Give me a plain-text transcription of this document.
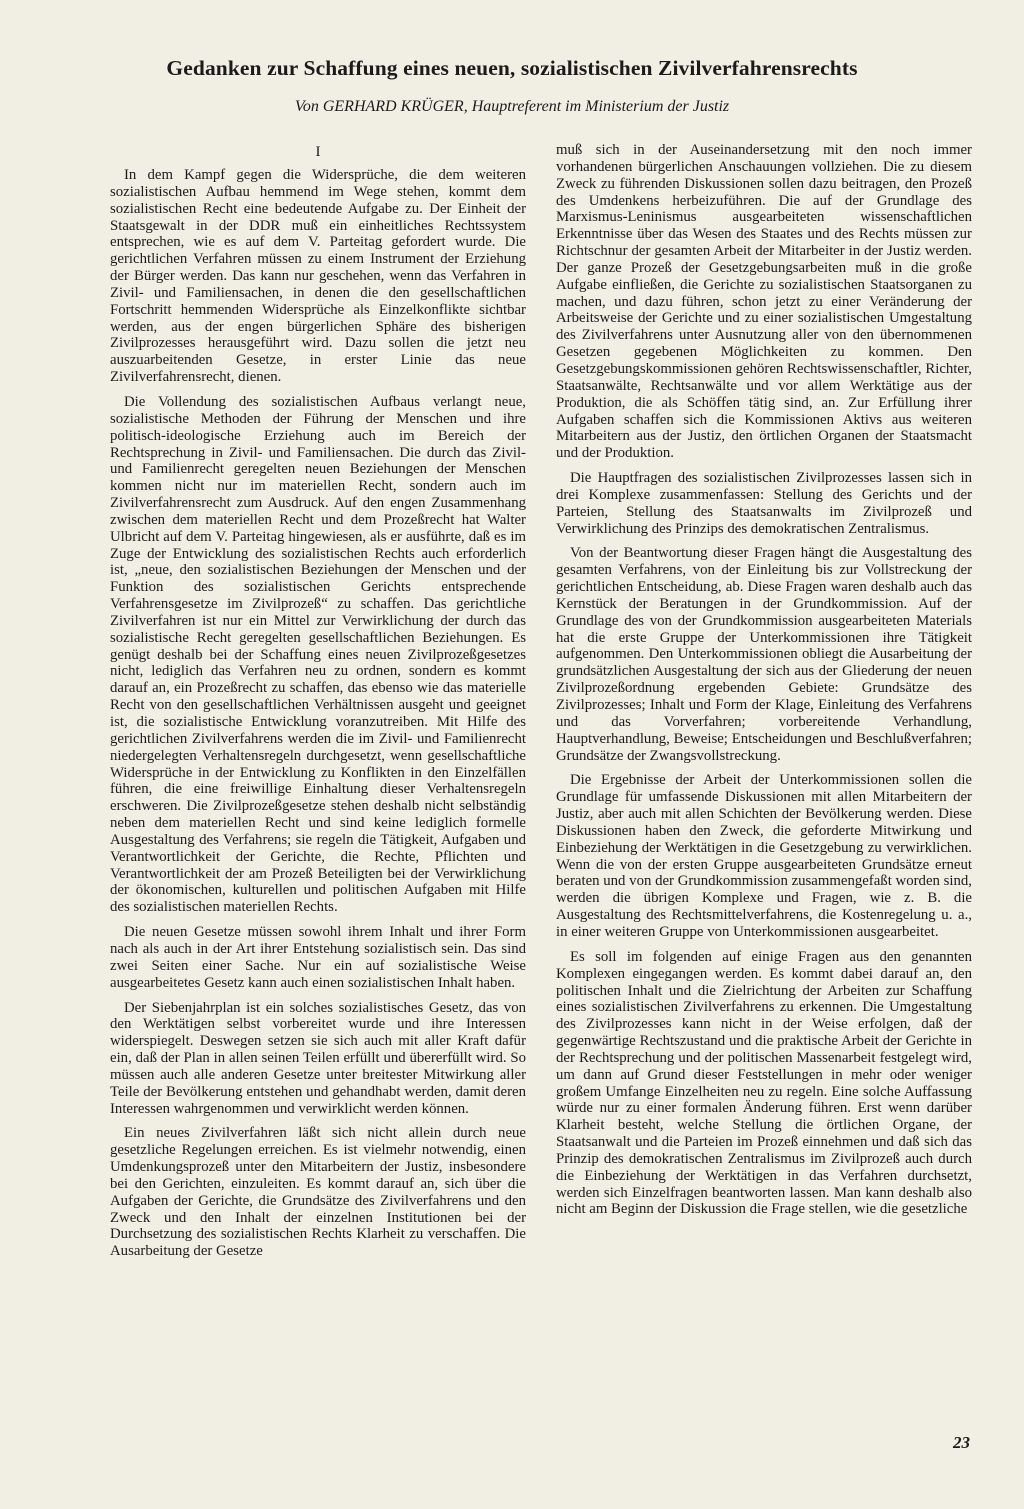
Gedanken zur Schaffung eines neuen, sozialistischen Zivilverfahrensrechts

Von GERHARD KRÜGER, Hauptreferent im Ministerium der Justiz

I

In dem Kampf gegen die Widersprüche, die dem weiteren sozialistischen Aufbau hemmend im Wege stehen, kommt dem sozialistischen Recht eine bedeutende Aufgabe zu. Der Einheit der Staatsgewalt in der DDR muß ein einheitliches Rechtssystem entsprechen, wie es auf dem V. Parteitag gefordert wurde. Die gerichtlichen Verfahren müssen zu einem Instrument der Erziehung der Bürger werden. Das kann nur geschehen, wenn das Verfahren in Zivil- und Familiensachen, in denen die den gesellschaftlichen Fortschritt hemmenden Widersprüche als Einzelkonflikte sichtbar werden, aus der engen bürgerlichen Sphäre des bisherigen Zivilprozesses herausgeführt wird. Dazu sollen die jetzt neu auszuarbeitenden Gesetze, in erster Linie das neue Zivilverfahrensrecht, dienen.

Die Vollendung des sozialistischen Aufbaus verlangt neue, sozialistische Methoden der Führung der Menschen und ihre politisch-ideologische Erziehung auch im Bereich der Rechtsprechung in Zivil- und Familiensachen. Die durch das Zivil- und Familienrecht geregelten neuen Beziehungen der Menschen kommen nicht nur im materiellen Recht, sondern auch im Zivilverfahrensrecht zum Ausdruck. Auf den engen Zusammenhang zwischen dem materiellen Recht und dem Prozeßrecht hat Walter Ulbricht auf dem V. Parteitag hingewiesen, als er ausführte, daß es im Zuge der Entwicklung des sozialistischen Rechts auch erforderlich ist, „neue, den sozialistischen Beziehungen der Menschen und der Funktion des sozialistischen Gerichts entsprechende Verfahrensgesetze im Zivilprozeß“ zu schaffen. Das gerichtliche Zivilverfahren ist nur ein Mittel zur Verwirklichung der durch das sozialistische Recht geregelten gesellschaftlichen Beziehungen. Es genügt deshalb bei der Schaffung eines neuen Zivilprozeßgesetzes nicht, lediglich das Verfahren neu zu ordnen, sondern es kommt darauf an, ein Prozeßrecht zu schaffen, das ebenso wie das materielle Recht von den gesellschaftlichen Verhältnissen ausgeht und geeignet ist, die sozialistische Entwicklung voranzutreiben. Mit Hilfe des gerichtlichen Zivilverfahrens werden die im Zivil- und Familienrecht niedergelegten Verhaltensregeln durchgesetzt, wenn gesellschaftliche Widersprüche in der Entwicklung zu Konflikten in den Einzelfällen führen, die eine freiwillige Einhaltung dieser Verhaltensregeln erschweren. Die Zivilprozeßgesetze stehen deshalb nicht selbständig neben dem materiellen Recht und sind keine lediglich formelle Ausgestaltung des Verfahrens; sie regeln die Tätigkeit, Aufgaben und Verantwortlichkeit der Gerichte, die Rechte, Pflichten und Verantwortlichkeit der am Prozeß Beteiligten bei der Verwirklichung der ökonomischen, kulturellen und politischen Aufgaben mit Hilfe des sozialistischen materiellen Rechts.

Die neuen Gesetze müssen sowohl ihrem Inhalt und ihrer Form nach als auch in der Art ihrer Entstehung sozialistisch sein. Das sind zwei Seiten einer Sache. Nur ein auf sozialistische Weise ausgearbeitetes Gesetz kann auch einen sozialistischen Inhalt haben.

Der Siebenjahrplan ist ein solches sozialistisches Gesetz, das von den Werktätigen selbst vorbereitet wurde und ihre Interessen widerspiegelt. Deswegen setzen sie sich auch mit aller Kraft dafür ein, daß der Plan in allen seinen Teilen erfüllt und übererfüllt wird. So müssen auch alle anderen Gesetze unter breitester Mitwirkung aller Teile der Bevölkerung entstehen und gehandhabt werden, damit deren Interessen wahrgenommen und verwirklicht werden können.

Ein neues Zivilverfahren läßt sich nicht allein durch neue gesetzliche Regelungen erreichen. Es ist vielmehr notwendig, einen Umdenkungsprozeß unter den Mitarbeitern der Justiz, insbesondere bei den Gerichten, einzuleiten. Es kommt darauf an, sich über die Aufgaben der Gerichte, die Grundsätze des Zivilverfahrens und den Zweck und den Inhalt der einzelnen Institutionen bei der Durchsetzung des sozialistischen Rechts Klarheit zu verschaffen. Die Ausarbeitung der Gesetze

muß sich in der Auseinandersetzung mit den noch immer vorhandenen bürgerlichen Anschauungen vollziehen. Die zu diesem Zweck zu führenden Diskussionen sollen dazu beitragen, den Prozeß des Umdenkens herbeizuführen. Die auf der Grundlage des Marxismus-Leninismus ausgearbeiteten wissenschaftlichen Erkenntnisse über das Wesen des Staates und des Rechts müssen zur Richtschnur der gesamten Arbeit der Mitarbeiter in der Justiz werden. Der ganze Prozeß der Gesetzgebungsarbeiten muß in die große Aufgabe einfließen, die Gerichte zu sozialistischen Staatsorganen zu machen, und dazu führen, schon jetzt zu einer Veränderung der Arbeitsweise der Gerichte und zu einer sozialistischen Umgestaltung des Zivilverfahrens unter Ausnutzung aller von den übernommenen Gesetzen gegebenen Möglichkeiten zu kommen. Den Gesetzgebungskommissionen gehören Rechtswissenschaftler, Richter, Staatsanwälte, Rechtsanwälte und vor allem Werktätige aus der Produktion, die als Schöffen tätig sind, an. Zur Erfüllung ihrer Aufgaben schaffen sich die Kommissionen Aktivs aus weiteren Mitarbeitern aus der Justiz, den örtlichen Organen der Staatsmacht und der Produktion.

Die Hauptfragen des sozialistischen Zivilprozesses lassen sich in drei Komplexe zusammenfassen: Stellung des Gerichts und der Parteien, Stellung des Staatsanwalts im Zivilprozeß und Verwirklichung des Prinzips des demokratischen Zentralismus.

Von der Beantwortung dieser Fragen hängt die Ausgestaltung des gesamten Verfahrens, von der Einleitung bis zur Vollstreckung der gerichtlichen Entscheidung, ab. Diese Fragen waren deshalb auch das Kernstück der Beratungen in der Grundkommission. Auf der Grundlage des von der Grundkommission ausgearbeiteten Materials hat die erste Gruppe der Unterkommissionen ihre Tätigkeit aufgenommen. Den Unterkommissionen obliegt die Ausarbeitung der grundsätzlichen Ausgestaltung der sich aus der Gliederung der neuen Zivilprozeßordnung ergebenden Gebiete: Grundsätze des Zivilprozesses; Inhalt und Form der Klage, Einleitung des Verfahrens und das Vorverfahren; vorbereitende Verhandlung, Hauptverhandlung, Beweise; Entscheidungen und Beschlußverfahren; Grundsätze der Zwangsvollstreckung.

Die Ergebnisse der Arbeit der Unterkommissionen sollen die Grundlage für umfassende Diskussionen mit allen Mitarbeitern der Justiz, aber auch mit allen Schichten der Bevölkerung werden. Diese Diskussionen haben den Zweck, die geforderte Mitwirkung und Einbeziehung der Werktätigen in die Gesetzgebung zu verwirklichen. Wenn die von der ersten Gruppe ausgearbeiteten Grundsätze erneut beraten und von der Grundkommission zusammengefaßt worden sind, werden die übrigen Komplexe und Fragen, wie z. B. die Ausgestaltung des Rechtsmittelverfahrens, die Kostenregelung u. a., in einer weiteren Gruppe von Unterkommissionen ausgearbeitet.

Es soll im folgenden auf einige Fragen aus den genannten Komplexen eingegangen werden. Es kommt dabei darauf an, den politischen Inhalt und die Zielrichtung der Arbeiten zur Schaffung eines sozialistischen Zivilverfahrens zu erkennen. Die Umgestaltung des Zivilprozesses kann nicht in der Weise erfolgen, daß der gegenwärtige Rechtszustand und die praktische Arbeit der Gerichte in der Rechtsprechung und der politischen Massenarbeit festgelegt wird, um dann auf Grund dieser Feststellungen in mehr oder weniger großem Umfange Einzelheiten neu zu regeln. Eine solche Auffassung würde nur zu einer formalen Änderung führen. Erst wenn darüber Klarheit besteht, welche Stellung die örtlichen Organe, der Staatsanwalt und die Parteien im Prozeß einnehmen und daß sich das Prinzip des demokratischen Zentralismus im Zivilprozeß auch durch die Einbeziehung der Werktätigen in das Verfahren durchsetzt, werden sich Einzelfragen beantworten lassen. Man kann deshalb also nicht am Beginn der Diskussion die Frage stellen, wie die gesetzliche

23
